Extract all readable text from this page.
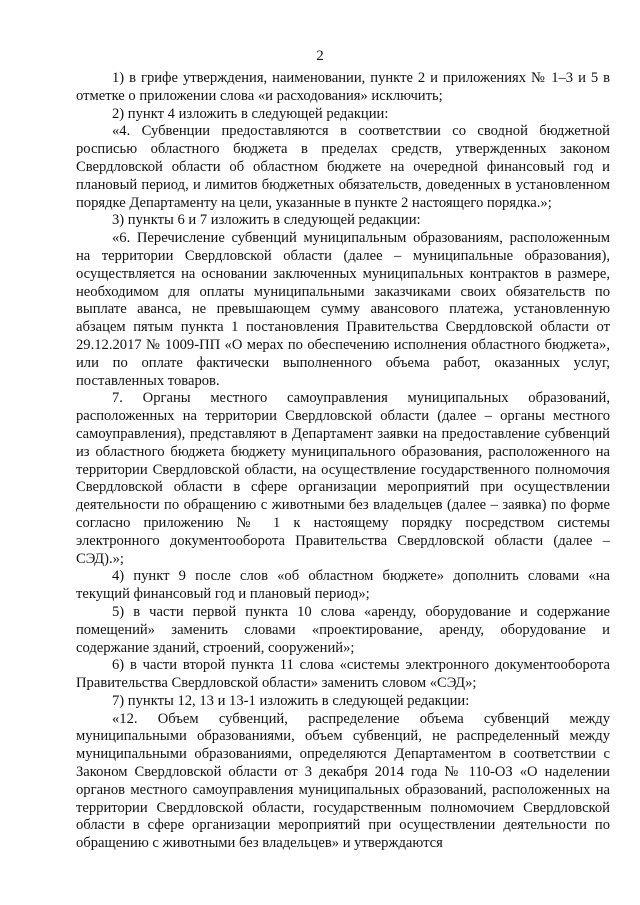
2

1) в грифе утверждения, наименовании, пункте 2 и приложениях № 1–3 и 5 в отметке о приложении слова «и расходования» исключить;

2) пункт 4 изложить в следующей редакции:

«4. Субвенции предоставляются в соответствии со сводной бюджетной росписью областного бюджета в пределах средств, утвержденных законом Свердловской области об областном бюджете на очередной финансовый год и плановый период, и лимитов бюджетных обязательств, доведенных в установленном порядке Департаменту на цели, указанные в пункте 2 настоящего порядка.»;

3) пункты 6 и 7 изложить в следующей редакции:

«6. Перечисление субвенций муниципальным образованиям, расположенным на территории Свердловской области (далее – муниципальные образования), осуществляется на основании заключенных муниципальных контрактов в размере, необходимом для оплаты муниципальными заказчиками своих обязательств по выплате аванса, не превышающем сумму авансового платежа, установленную абзацем пятым пункта 1 постановления Правительства Свердловской области от 29.12.2017 № 1009-ПП «О мерах по обеспечению исполнения областного бюджета», или по оплате фактически выполненного объема работ, оказанных услуг, поставленных товаров.

7. Органы местного самоуправления муниципальных образований, расположенных на территории Свердловской области (далее – органы местного самоуправления), представляют в Департамент заявки на предоставление субвенций из областного бюджета бюджету муниципального образования, расположенного на территории Свердловской области, на осуществление государственного полномочия Свердловской области в сфере организации мероприятий при осуществлении деятельности по обращению с животными без владельцев (далее – заявка) по форме согласно приложению № 1 к настоящему порядку посредством системы электронного документооборота Правительства Свердловской области (далее – СЭД).»;

4) пункт 9 после слов «об областном бюджете» дополнить словами «на текущий финансовый год и плановый период»;

5) в части первой пункта 10 слова «аренду, оборудование и содержание помещений» заменить словами «проектирование, аренду, оборудование и содержание зданий, строений, сооружений»;

6) в части второй пункта 11 слова «системы электронного документооборота Правительства Свердловской области» заменить словом «СЭД»;

7) пункты 12, 13 и 13-1 изложить в следующей редакции:

«12. Объем субвенций, распределение объема субвенций между муниципальными образованиями, объем субвенций, не распределенный между муниципальными образованиями, определяются Департаментом в соответствии с Законом Свердловской области от 3 декабря 2014 года № 110-ОЗ «О наделении органов местного самоуправления муниципальных образований, расположенных на территории Свердловской области, государственным полномочием Свердловской области в сфере организации мероприятий при осуществлении деятельности по обращению с животными без владельцев» и утверждаются
